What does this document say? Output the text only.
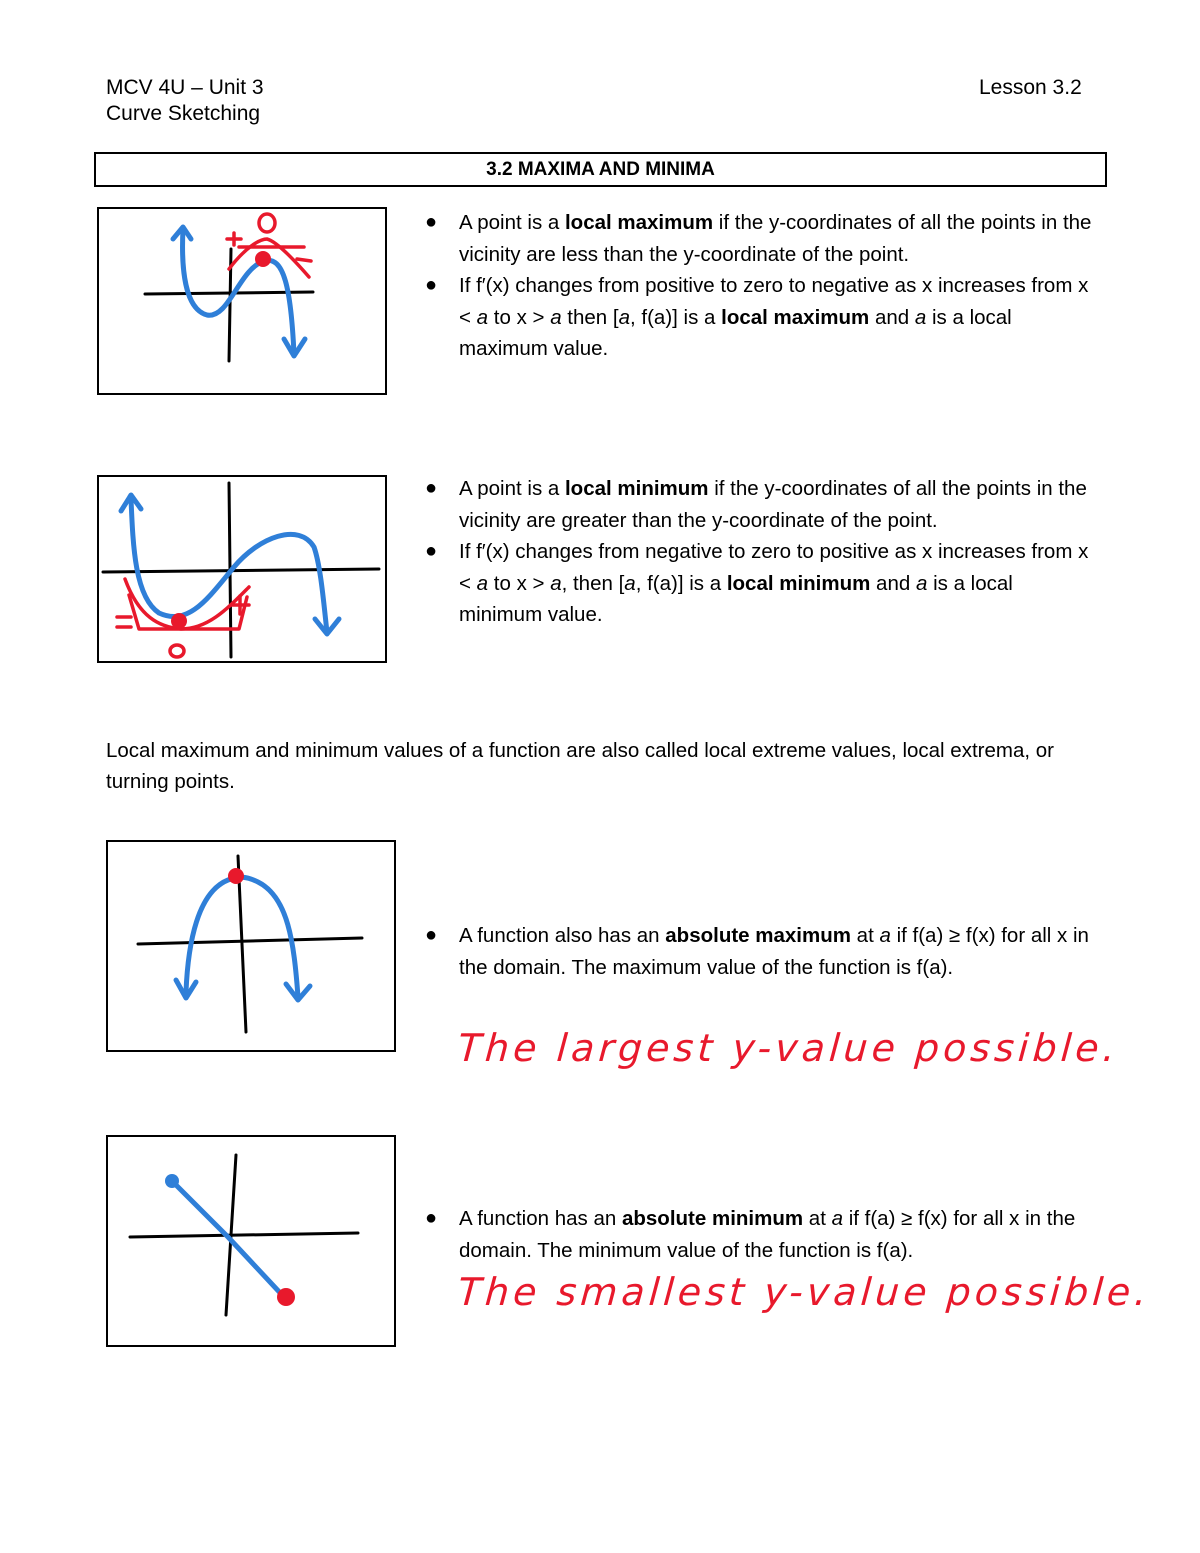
MCV 4U – Unit 3
Curve Sketching
Lesson 3.2
3.2 MAXIMA AND MINIMA
● A point is a local maximum if the y-coordinates of all the points in the vicinity are less than the y-coordinate of the point.
● If f′(x) changes from positive to zero to negative as x increases from x < a to x > a then [a, f(a)] is a local maximum and a is a local maximum value.
● A point is a local minimum if the y-coordinates of all the points in the vicinity are greater than the y-coordinate of the point.
● If f′(x) changes from negative to zero to positive as x increases from x < a to x > a, then [a, f(a)] is a local minimum and a is a local minimum value.
Local maximum and minimum values of a function are also called local extreme values, local extrema, or turning points.
● A function also has an absolute maximum at a if f(a) ≥ f(x) for all x in the domain. The maximum value of the function is f(a).
The largest y-value possible.
● A function has an absolute minimum at a if f(a) ≥ f(x) for all x in the domain. The minimum value of the function is f(a).
The smallest y-value possible.
